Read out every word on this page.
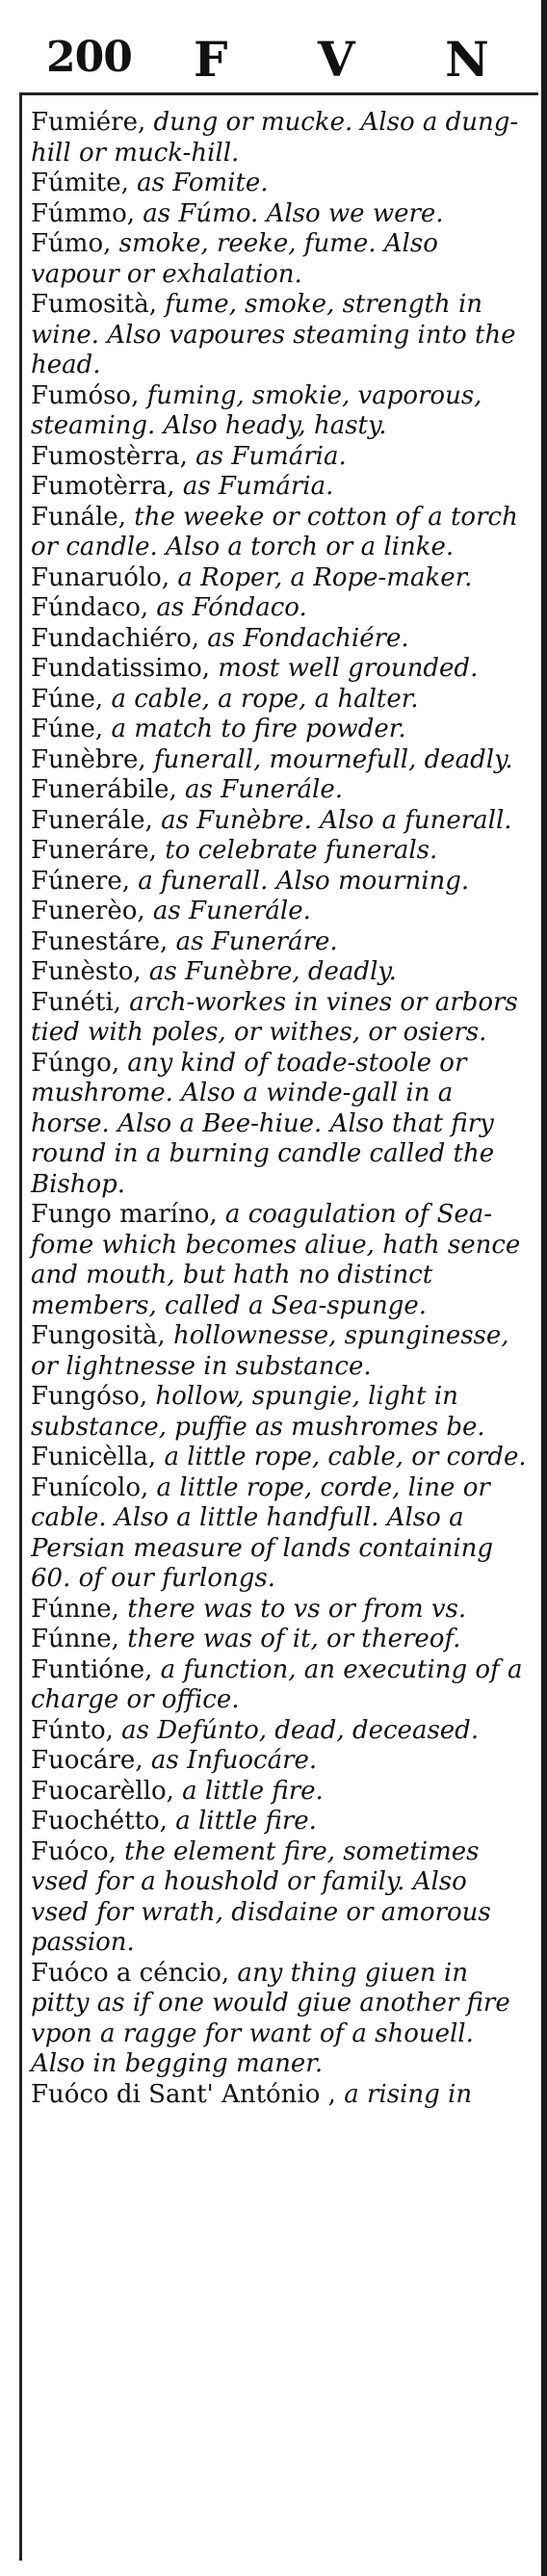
200 F V N
Fumiére, dung or mucke. Also a dung-hill or muck-hill.
Fúmite, as Fomite.
Fúmmo, as Fúmo. Also we were.
Fúmo, smoke, reeke, fume. Also vapour or exhalation.
Fumosità, fume, smoke, strength in wine. Also vapoures steaming into the head.
Fumóso, fuming, smokie, vaporous, steaming. Also heady, hasty.
Fumostèrra, as Fumária.
Fumotèrra, as Fumária.
Funále, the weeke or cotton of a torch or candle. Also a torch or a linke.
Funaruólo, a Roper, a Rope-maker.
Fúndaco, as Fóndaco.
Fundachiéro, as Fondachiére.
Fundatissimo, most well grounded.
Fúne, a cable, a rope, a halter.
Fúne, a match to fire powder.
Funèbre, funerall, mournefull, deadly.
Funerábile, as Funerále.
Funerále, as Funèbre. Also a funerall.
Funeráre, to celebrate funerals.
Fúnere, a funerall. Also mourning.
Funerèo, as Funerále.
Funestáre, as Funeráre.
Funèsto, as Funèbre, deadly.
Funéti, arch-workes in vines or arbors tied with poles, or withes, or osiers.
Fúngo, any kind of toade-stoole or mushrome. Also a winde-gall in a horse. Also a Bee-hiue. Also that firy round in a burning candle called the Bishop.
Fungo maríno, a coagulation of Sea-fome which becomes aliue, hath sence and mouth, but hath no distinct members, called a Sea-spunge.
Fungosità, hollownesse, spunginesse, or lightnesse in substance.
Fungóso, hollow, spungie, light in substance, puffie as mushromes be.
Funicèlla, a little rope, cable, or corde.
Funícolo, a little rope, corde, line or cable. Also a little handfull. Also a Persian measure of lands containing 60. of our furlongs.
Fúnne, there was to vs or from vs.
Fúnne, there was of it, or thereof.
Funtióne, a function, an executing of a charge or office.
Fúnto, as Defúnto, dead, deceased.
Fuocáre, as Infuocáre.
Fuocarèllo, a little fire.
Fuochétto, a little fire.
Fuóco, the element fire, sometimes vsed for a houshold or family. Also vsed for wrath, disdaine or amorous passion.
Fuóco a céncio, any thing giuen in pitty as if one would giue another fire vpon a ragge for want of a shouell. Also in begging maner.
Fuóco di Sant' António , a rising in
